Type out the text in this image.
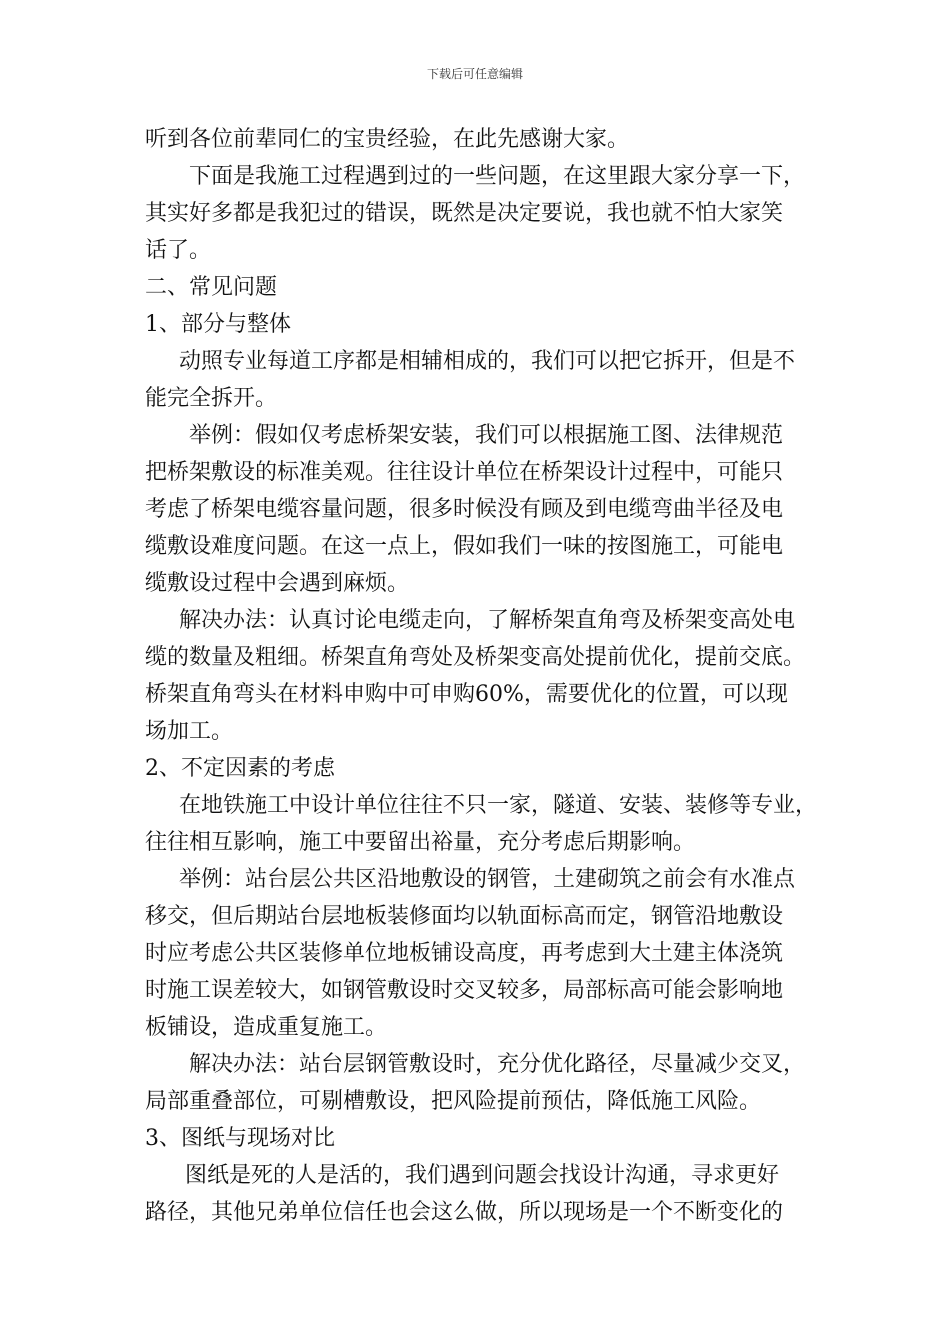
下载后可任意编辑
听到各位前辈同仁的宝贵经验，在此先感谢大家。
下面是我施工过程遇到过的一些问题，在这里跟大家分享一下，
其实好多都是我犯过的错误，既然是决定要说，我也就不怕大家笑
话了。
二、常见问题
1、部分与整体
动照专业每道工序都是相辅相成的，我们可以把它拆开，但是不
能完全拆开。
举例：假如仅考虑桥架安装，我们可以根据施工图、法律规范
把桥架敷设的标准美观。往往设计单位在桥架设计过程中，可能只
考虑了桥架电缆容量问题，很多时候没有顾及到电缆弯曲半径及电
缆敷设难度问题。在这一点上，假如我们一味的按图施工，可能电
缆敷设过程中会遇到麻烦。
解决办法：认真讨论电缆走向，了解桥架直角弯及桥架变高处电
缆的数量及粗细。桥架直角弯处及桥架变高处提前优化，提前交底。
桥架直角弯头在材料申购中可申购60%，需要优化的位置，可以现
场加工。
2、不定因素的考虑
在地铁施工中设计单位往往不只一家，隧道、安装、装修等专业，
往往相互影响，施工中要留出裕量，充分考虑后期影响。
举例：站台层公共区沿地敷设的钢管，土建砌筑之前会有水准点
移交，但后期站台层地板装修面均以轨面标高而定，钢管沿地敷设
时应考虑公共区装修单位地板铺设高度，再考虑到大土建主体浇筑
时施工误差较大，如钢管敷设时交叉较多，局部标高可能会影响地
板铺设，造成重复施工。
解决办法：站台层钢管敷设时，充分优化路径，尽量减少交叉，
局部重叠部位，可剔槽敷设，把风险提前预估，降低施工风险。
3、图纸与现场对比
图纸是死的人是活的，我们遇到问题会找设计沟通，寻求更好
路径，其他兄弟单位信任也会这么做，所以现场是一个不断变化的
